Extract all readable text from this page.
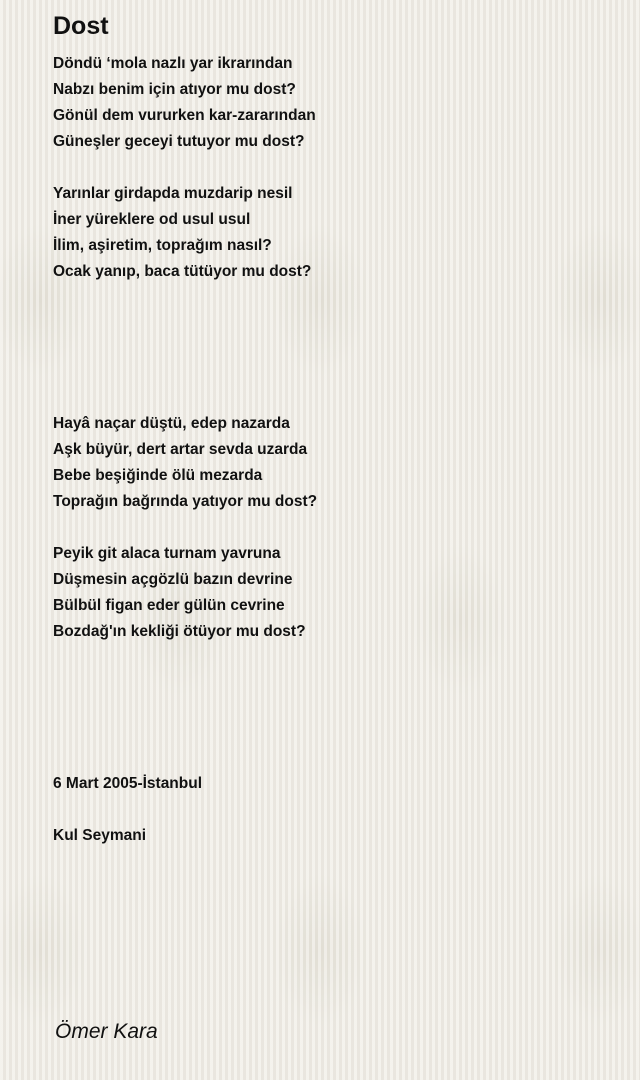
Dost
Döndü ‘mola nazlı yar ikrarından
Nabzı benim için atıyor mu dost?
Gönül dem vururken kar-zararından
Güneşler geceyi tutuyor mu dost?
Yarınlar girdapda muzdarip nesil
İner yüreklere od usul usul
İlim, aşiretim, toprağım nasıl?
Ocak yanıp, baca tütüyor mu dost?
Hayâ naçar düştü, edep nazarda
Aşk büyür, dert artar sevda uzarda
Bebe beşiğinde ölü mezarda
Toprağın bağrında yatıyor mu dost?
Peyik git alaca turnam yavruna
Düşmesin açgözlü bazın devrine
Bülbül figan eder gülün cevrine
Bozdağ'ın kekliği ötüyor mu dost?
6 Mart 2005-İstanbul
Kul Seymani
Ömer Kara
